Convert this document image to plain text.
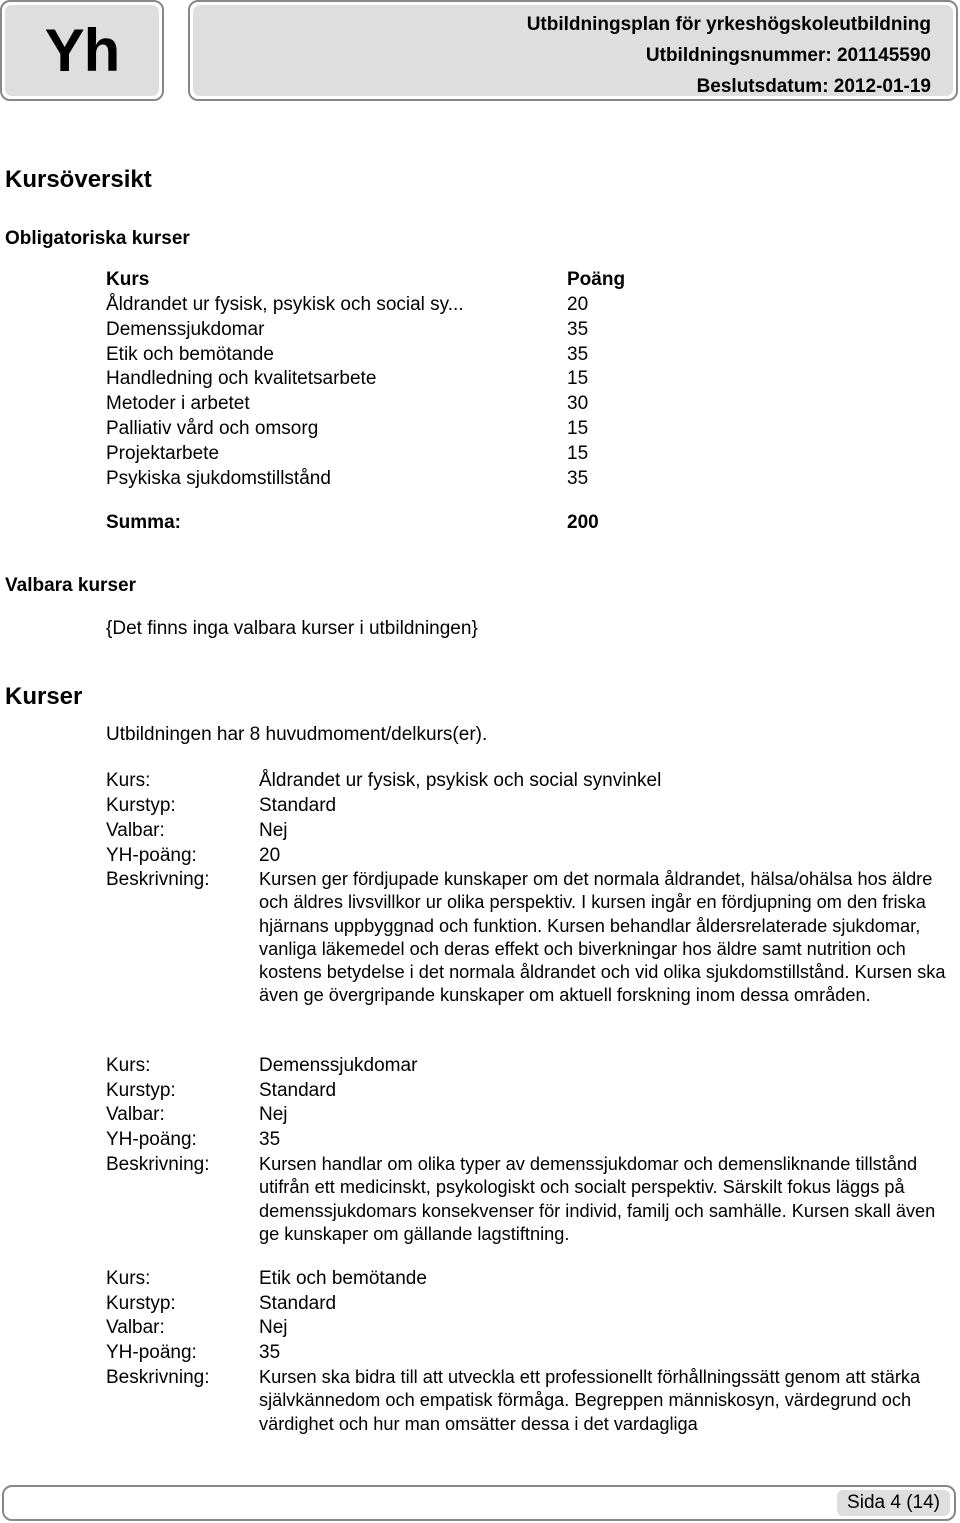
Yh	Utbildningsplan för yrkeshögskoleutbildning
Utbildningsnummer: 201145590
Beslutsdatum: 2012-01-19
Kursöversikt
Obligatoriska kurser
Kurs	Poäng
Åldrandet ur fysisk, psykisk och social sy...	20
Demenssjukdomar	35
Etik och bemötande	35
Handledning och kvalitetsarbete	15
Metoder i arbetet	30
Palliativ vård och omsorg	15
Projektarbete	15
Psykiska sjukdomstillstånd	35
Summa:	200
Valbara kurser
{Det finns inga valbara kurser i utbildningen}
Kurser
Utbildningen har 8 huvudmoment/delkurs(er).
Kurs:	Åldrandet ur fysisk, psykisk och social synvinkel
Kurstyp:	Standard
Valbar:	Nej
YH-poäng:	20
Beskrivning:	Kursen ger fördjupade kunskaper om det normala åldrandet, hälsa/ohälsa hos äldre och äldres livsvillkor ur olika perspektiv. I kursen ingår en fördjupning om den friska hjärnans uppbyggnad och funktion. Kursen behandlar åldersrelaterade sjukdomar, vanliga läkemedel och deras effekt och biverkningar hos äldre samt nutrition och kostens betydelse i det normala åldrandet och vid olika sjukdomstillstånd. Kursen ska även ge övergripande kunskaper om aktuell forskning inom dessa områden.
Kurs:	Demenssjukdomar
Kurstyp:	Standard
Valbar:	Nej
YH-poäng:	35
Beskrivning:	Kursen handlar om olika typer av demenssjukdomar och demensliknande tillstånd utifrån ett medicinskt, psykologiskt och socialt perspektiv. Särskilt fokus läggs på demenssjukdomars konsekvenser för individ, familj och samhälle. Kursen skall även ge kunskaper om gällande lagstiftning.
Kurs:	Etik och bemötande
Kurstyp:	Standard
Valbar:	Nej
YH-poäng:	35
Beskrivning:	Kursen ska bidra till att utveckla ett professionellt förhållningssätt genom att stärka självkännedom och empatisk förmåga. Begreppen människosyn, värdegrund och värdighet och hur man omsätter dessa i det vardagliga
Sida 4 (14)
